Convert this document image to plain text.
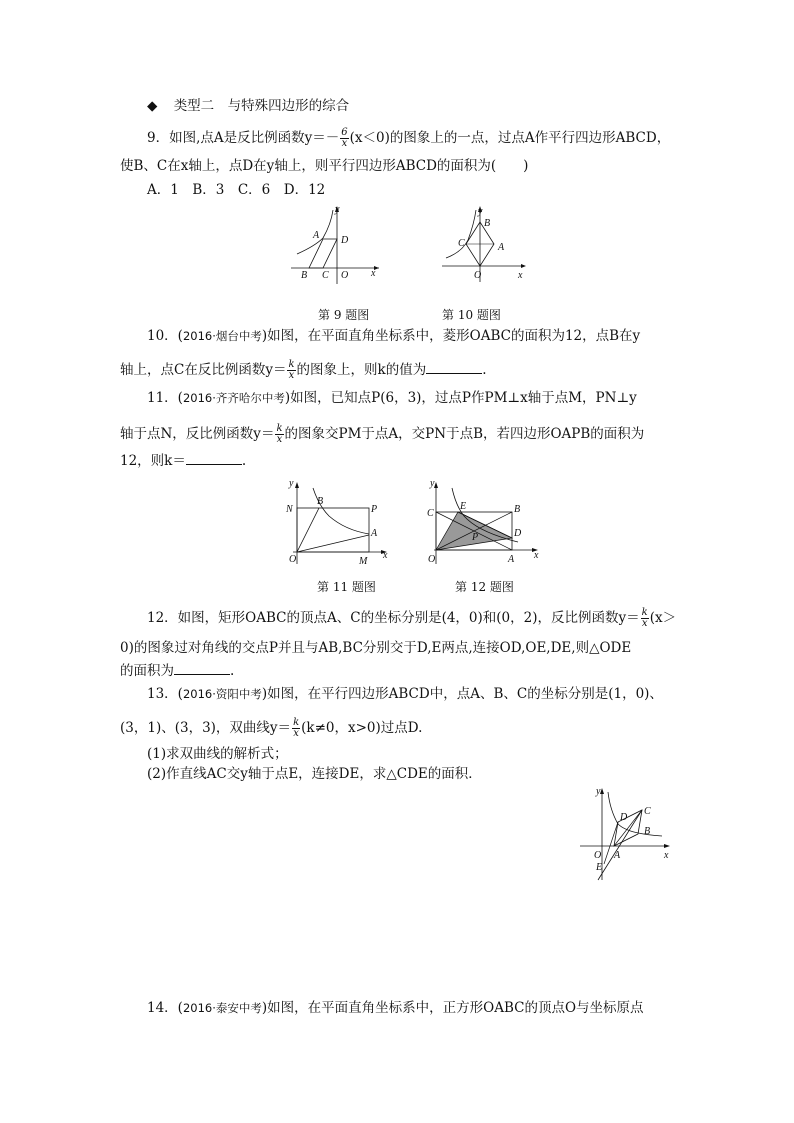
◆ 类型二　与特殊四边形的综合
9．如图,点A是反比例函数$y=- \frac{6}{x} (x<0)$的图象上的一点，过点A作平行四边形ABCD，
使B、C在x轴上，点D在y轴上，则平行四边形ABCD的面积为(　　)
A．1　B．3　C．6　D．12
y
A D
B C O x
y
B
C	A
O	x
第 9 题图	第 10 题图
10．(2016·烟台中考)如图，在平面直角坐标系中，菱形OABC的面积为12，点B在y
轴上，点C在反比例函数$y= \frac{k}{x}$ 的图象上，则k的值为	.
11．(2016·齐齐哈尔中考)如图，已知点P(6，3)，过点P作PM⊥x轴于点M，PN⊥y
轴于点N，反比例函数$y= \frac{k}{x}$ 的图象交PM于点A，交PN于点B，若四边形OAPB的面积为
12，则k＝	.
y
N
B
P
A
O	M
x
y
C
E	B
D
P
O	A x
第 11 题图	第 12 题图
12．如图，矩形OABC的顶点A、C的坐标分别是(4，0)和(0，2)，反比例函数$y= \frac{k}{x} (x>$
0)的图象过对角线的交点P并且与AB,BC分别交于D,E两点,连接OD,OE,DE,则△ODE
的面积为	.
13．(2016·资阳中考)如图，在平行四边形ABCD中，点A、B、C的坐标分别是(1，0)、
(3，1)、(3，3)，双曲线$y= \frac{k}{x} (k\ne 0$，x>0)过点D.
(1)求双曲线的解析式；
(2)作直线AC交y轴于点E，连接DE，求△CDE的面积．
y
D
C
B
A
O
E
x
14．(2016·泰安中考)如图，在平面直角坐标系中，正方形OABC的顶点O与坐标原点
